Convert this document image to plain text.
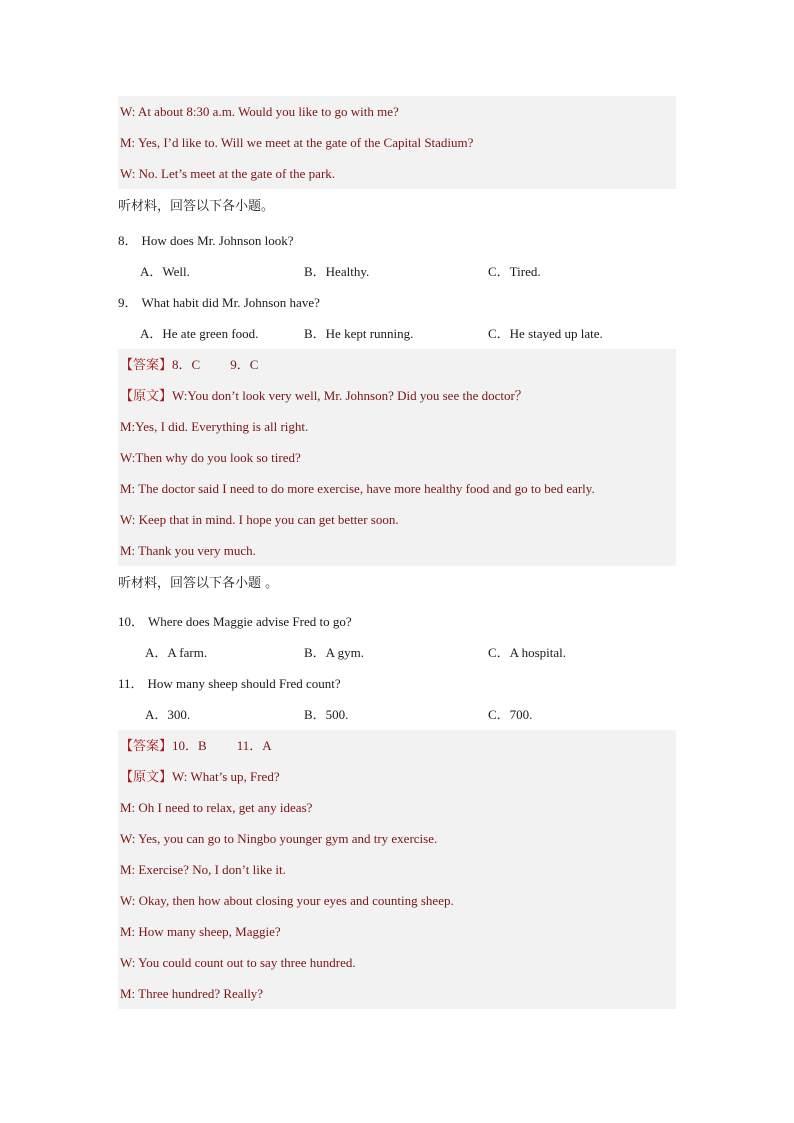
W: At about 8:30 a.m. Would you like to go with me?
M: Yes, I’d like to. Will we meet at the gate of the Capital Stadium?
W: No. Let’s meet at the gate of the park.
听材料，回答以下各小题。
8． How does Mr. Johnson look?
A．Well.	B．Healthy.	C．Tired.
9． What habit did Mr. Johnson have?
A．He ate green food.	B．He kept running.	C．He stayed up late.
【答案】8．C 9．C
【原文】W:You don’t look very well, Mr. Johnson? Did you see the doctor？
M:Yes, I did. Everything is all right.
W:Then why do you look so tired?
M: The doctor said I need to do more exercise, have more healthy food and go to bed early.
W: Keep that in mind. I hope you can get better soon.
M: Thank you very much.
听材料，回答以下各小题 。
10． Where does Maggie advise Fred to go?
A．A farm.	B．A gym.	C．A hospital.
11． How many sheep should Fred count?
A．300.	B．500.	C．700.
【答案】10．B 11．A
【原文】W: What’s up, Fred?
M: Oh I need to relax, get any ideas?
W: Yes, you can go to Ningbo younger gym and try exercise.
M: Exercise? No, I don’t like it.
W: Okay, then how about closing your eyes and counting sheep.
M: How many sheep, Maggie?
W: You could count out to say three hundred.
M: Three hundred? Really?
